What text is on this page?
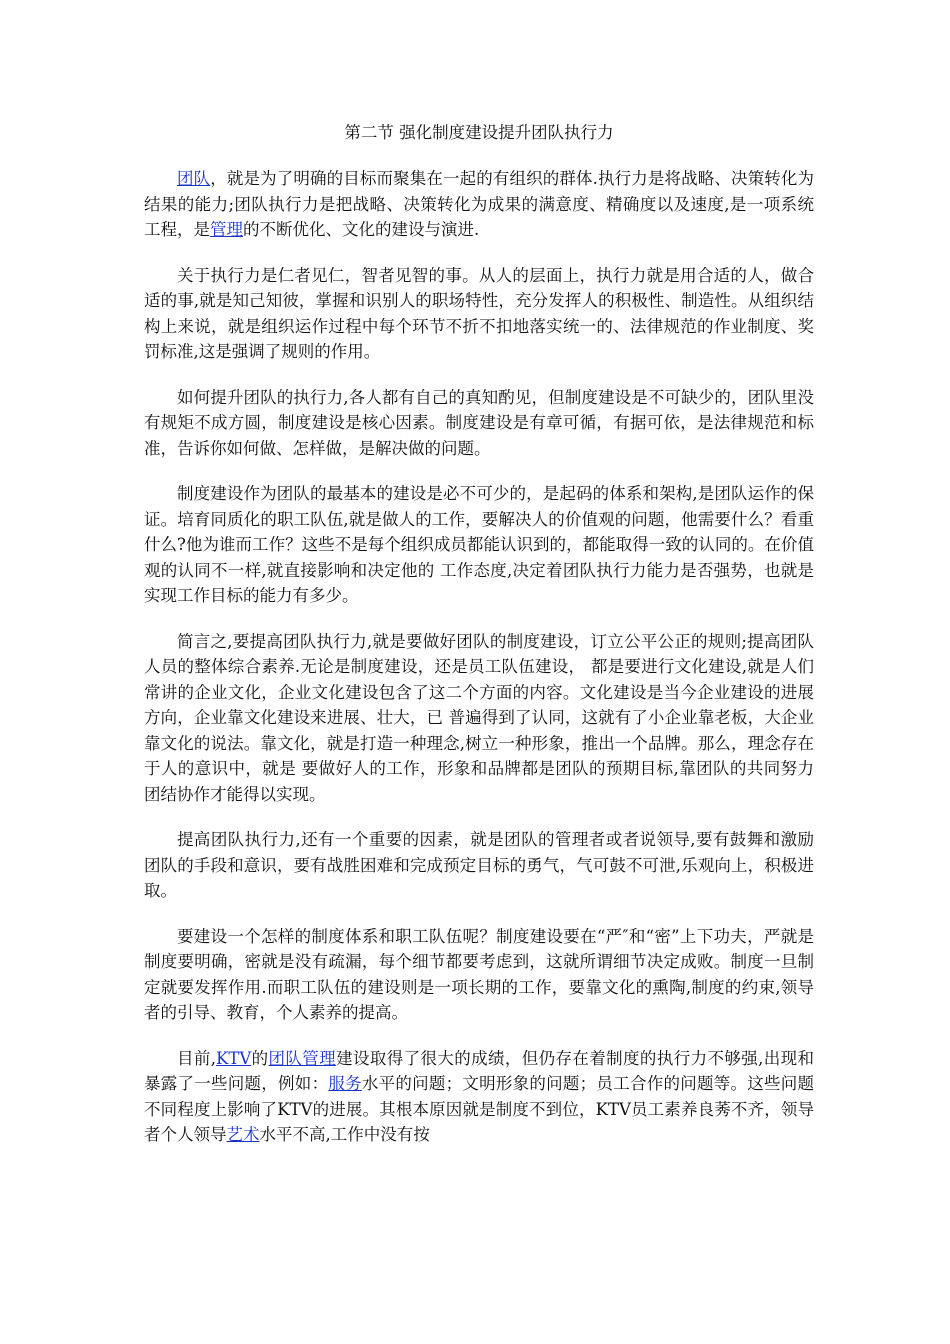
第二节 强化制度建设提升团队执行力

团队，就是为了明确的目标而聚集在一起的有组织的群体.执行力是将战略、决策转化为结果的能力;团队执行力是把战略、决策转化为成果的满意度、精确度以及速度,是一项系统工程，是管理的不断优化、文化的建设与演进.

关于执行力是仁者见仁，智者见智的事。从人的层面上，执行力就是用合适的人，做合适的事,就是知己知彼，掌握和识别人的职场特性，充分发挥人的积极性、制造性。从组织结构上来说，就是组织运作过程中每个环节不折不扣地落实统一的、法律规范的作业制度、奖罚标准,这是强调了规则的作用。

如何提升团队的执行力,各人都有自己的真知酌见，但制度建设是不可缺少的，团队里没有规矩不成方圆，制度建设是核心因素。制度建设是有章可循，有据可依，是法律规范和标准，告诉你如何做、怎样做，是解决做的问题。

制度建设作为团队的最基本的建设是必不可少的，是起码的体系和架构,是团队运作的保证。培育同质化的职工队伍,就是做人的工作，要解决人的价值观的问题，他需要什么？看重什么?他为谁而工作？这些不是每个组织成员都能认识到的，都能取得一致的认同的。在价值观的认同不一样,就直接影响和决定他的 工作态度,决定着团队执行力能力是否强势，也就是实现工作目标的能力有多少。

简言之,要提高团队执行力,就是要做好团队的制度建设，订立公平公正的规则;提高团队人员的整体综合素养.无论是制度建设，还是员工队伍建设， 都是要进行文化建设,就是人们常讲的企业文化，企业文化建设包含了这二个方面的内容。文化建设是当今企业建设的进展方向，企业靠文化建设来进展、壮大，已 普遍得到了认同，这就有了小企业靠老板，大企业靠文化的说法。靠文化，就是打造一种理念,树立一种形象，推出一个品牌。那么，理念存在于人的意识中，就是 要做好人的工作，形象和品牌都是团队的预期目标,靠团队的共同努力团结协作才能得以实现。

提高团队执行力,还有一个重要的因素，就是团队的管理者或者说领导,要有鼓舞和激励团队的手段和意识，要有战胜困难和完成预定目标的勇气，气可鼓不可泄,乐观向上，积极进取。

要建设一个怎样的制度体系和职工队伍呢？制度建设要在“严″和“密”上下功夫，严就是制度要明确，密就是没有疏漏，每个细节都要考虑到，这就所谓细节决定成败。制度一旦制定就要发挥作用.而职工队伍的建设则是一项长期的工作，要靠文化的熏陶,制度的约束,领导者的引导、教育，个人素养的提高。

目前,KTV的团队管理建设取得了很大的成绩，但仍存在着制度的执行力不够强,出现和暴露了一些问题，例如：服务水平的问题；文明形象的问题；员工合作的问题等。这些问题不同程度上影响了KTV的进展。其根本原因就是制度不到位，KTV员工素养良莠不齐，领导者个人领导艺术水平不高,工作中没有按
